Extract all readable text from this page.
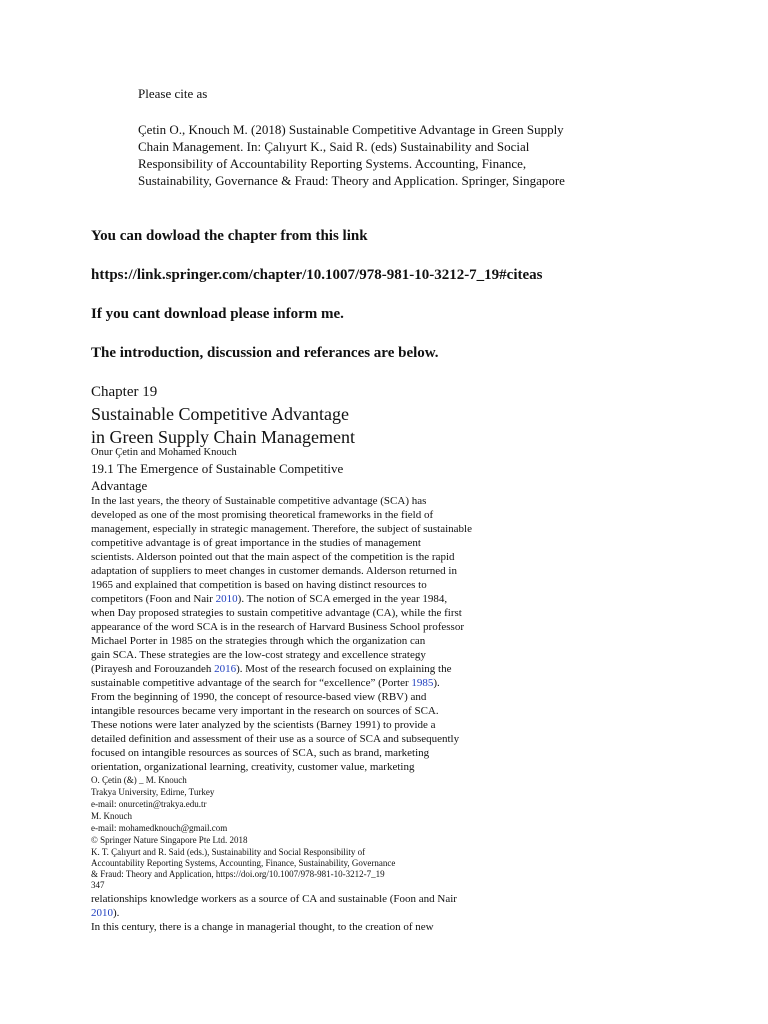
Please cite as
Çetin O., Knouch M. (2018) Sustainable Competitive Advantage in Green Supply
Chain Management. In: Çalıyurt K., Said R. (eds) Sustainability and Social
Responsibility of Accountability Reporting Systems. Accounting, Finance,
Sustainability, Governance & Fraud: Theory and Application. Springer, Singapore
You can dowload the chapter from this link
https://link.springer.com/chapter/10.1007/978-981-10-3212-7_19#citeas
If you cant download please inform me.
The introduction, discussion and referances are below.
Chapter 19
Sustainable Competitive Advantage
in Green Supply Chain Management
Onur Çetin and Mohamed Knouch
19.1 The Emergence of Sustainable Competitive
Advantage
In the last years, the theory of Sustainable competitive advantage (SCA) has
developed as one of the most promising theoretical frameworks in the field of
management, especially in strategic management. Therefore, the subject of sustainable
competitive advantage is of great importance in the studies of management
scientists. Alderson pointed out that the main aspect of the competition is the rapid
adaptation of suppliers to meet changes in customer demands. Alderson returned in
1965 and explained that competition is based on having distinct resources to
competitors (Foon and Nair 2010). The notion of SCA emerged in the year 1984,
when Day proposed strategies to sustain competitive advantage (CA), while the first
appearance of the word SCA is in the research of Harvard Business School professor
Michael Porter in 1985 on the strategies through which the organization can
gain SCA. These strategies are the low-cost strategy and excellence strategy
(Pirayesh and Forouzandeh 2016). Most of the research focused on explaining the
sustainable competitive advantage of the search for “excellence” (Porter 1985).
From the beginning of 1990, the concept of resource-based view (RBV) and
intangible resources became very important in the research on sources of SCA.
These notions were later analyzed by the scientists (Barney 1991) to provide a
detailed definition and assessment of their use as a source of SCA and subsequently
focused on intangible resources as sources of SCA, such as brand, marketing
orientation, organizational learning, creativity, customer value, marketing
O. Çetin (&) _ M. Knouch
Trakya University, Edirne, Turkey
e-mail: onurcetin@trakya.edu.tr
M. Knouch
e-mail: mohamedknouch@gmail.com
© Springer Nature Singapore Pte Ltd. 2018
K. T. Çalıyurt and R. Said (eds.), Sustainability and Social Responsibility of
Accountability Reporting Systems, Accounting, Finance, Sustainability, Governance
& Fraud: Theory and Application, https://doi.org/10.1007/978-981-10-3212-7_19
347
relationships knowledge workers as a source of CA and sustainable (Foon and Nair
2010).
In this century, there is a change in managerial thought, to the creation of new
